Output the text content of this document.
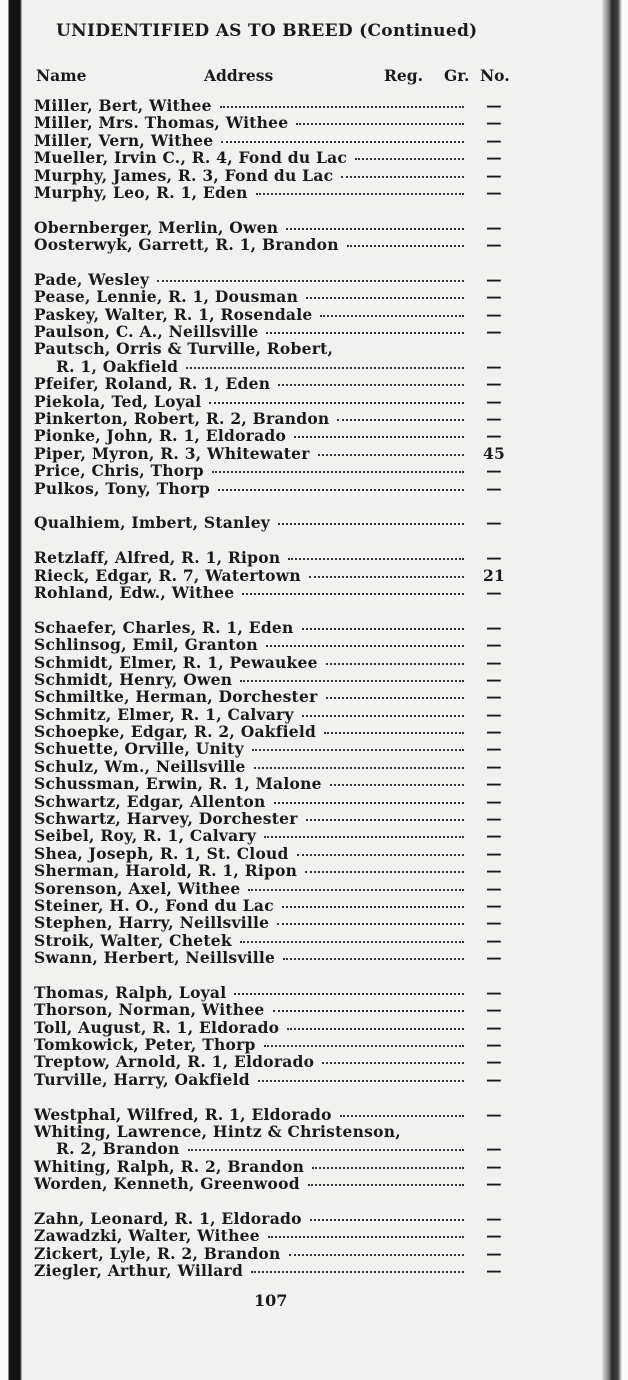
UNIDENTIFIED AS TO BREED (Continued)
Name	Address	Reg. Gr. No.
Miller, Bert, Withee	—
Miller, Mrs. Thomas, Withee	—
Miller, Vern, Withee	—
Mueller, Irvin C., R. 4, Fond du Lac	—
Murphy, James, R. 3, Fond du Lac	—
Murphy, Leo, R. 1, Eden	—
Obernberger, Merlin, Owen	—
Oosterwyk, Garrett, R. 1, Brandon	—
Pade, Wesley	—
Pease, Lennie, R. 1, Dousman	—
Paskey, Walter, R. 1, Rosendale	—
Paulson, C. A., Neillsville	—
Pautsch, Orris & Turville, Robert,
R. 1, Oakfield	—
Pfeifer, Roland, R. 1, Eden	—
Piekola, Ted, Loyal	—
Pinkerton, Robert, R. 2, Brandon	—
Pionke, John, R. 1, Eldorado	—
Piper, Myron, R. 3, Whitewater	45
Price, Chris, Thorp	—
Pulkos, Tony, Thorp	—
Qualhiem, Imbert, Stanley	—
Retzlaff, Alfred, R. 1, Ripon	—
Rieck, Edgar, R. 7, Watertown	21
Rohland, Edw., Withee	—
Schaefer, Charles, R. 1, Eden	—
Schlinsog, Emil, Granton	—
Schmidt, Elmer, R. 1, Pewaukee	—
Schmidt, Henry, Owen	—
Schmiltke, Herman, Dorchester	—
Schmitz, Elmer, R. 1, Calvary	—
Schoepke, Edgar, R. 2, Oakfield	—
Schuette, Orville, Unity	—
Schulz, Wm., Neillsville	—
Schussman, Erwin, R. 1, Malone	—
Schwartz, Edgar, Allenton	—
Schwartz, Harvey, Dorchester	—
Seibel, Roy, R. 1, Calvary	—
Shea, Joseph, R. 1, St. Cloud	—
Sherman, Harold, R. 1, Ripon	—
Sorenson, Axel, Withee	—
Steiner, H. O., Fond du Lac	—
Stephen, Harry, Neillsville	—
Stroik, Walter, Chetek	—
Swann, Herbert, Neillsville	—
Thomas, Ralph, Loyal	—
Thorson, Norman, Withee	—
Toll, August, R. 1, Eldorado	—
Tomkowick, Peter, Thorp	—
Treptow, Arnold, R. 1, Eldorado	—
Turville, Harry, Oakfield	—
Westphal, Wilfred, R. 1, Eldorado	—
Whiting, Lawrence, Hintz & Christenson,
R. 2, Brandon	—
Whiting, Ralph, R. 2, Brandon	—
Worden, Kenneth, Greenwood	—
Zahn, Leonard, R. 1, Eldorado	—
Zawadzki, Walter, Withee	—
Zickert, Lyle, R. 2, Brandon	—
Ziegler, Arthur, Willard	—
107
